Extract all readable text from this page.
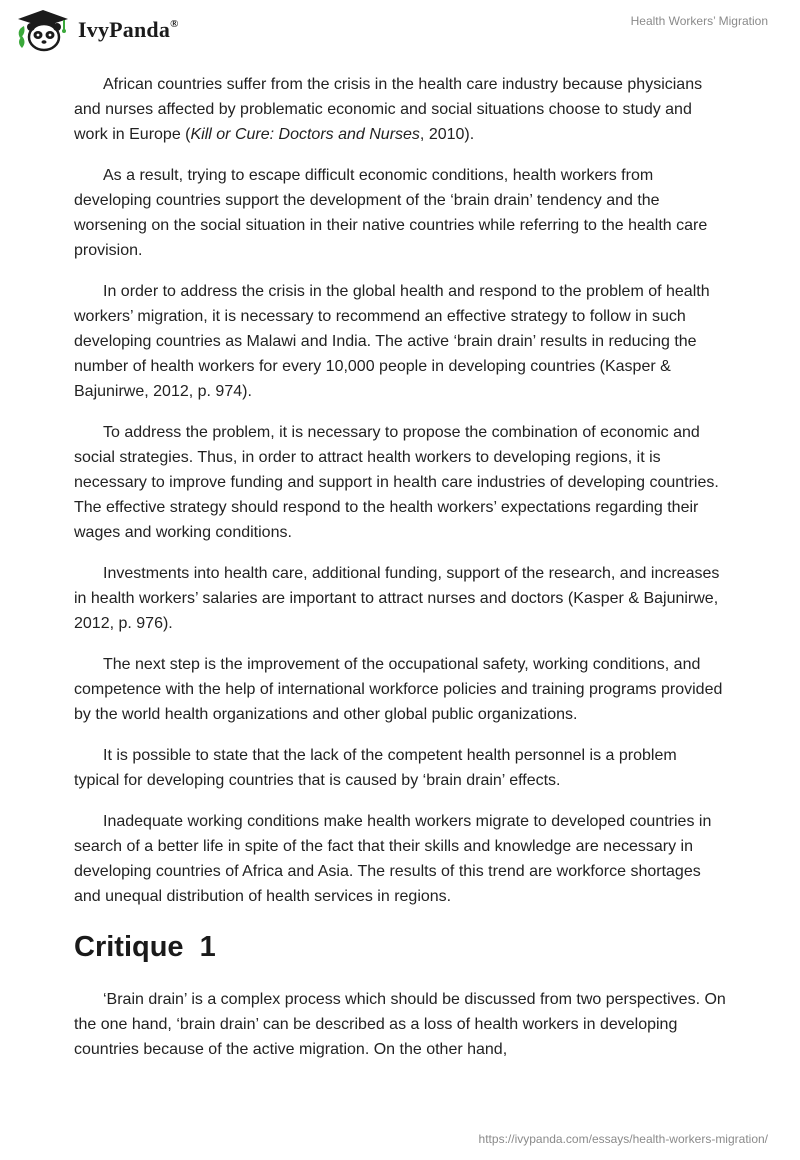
IvyPanda®	Health Workers’ Migration

African countries suffer from the crisis in the health care industry because physicians and nurses affected by problematic economic and social situations choose to study and work in Europe (Kill or Cure: Doctors and Nurses, 2010).

As a result, trying to escape difficult economic conditions, health workers from developing countries support the development of the ‘brain drain’ tendency and the worsening on the social situation in their native countries while referring to the health care provision.

In order to address the crisis in the global health and respond to the problem of health workers’ migration, it is necessary to recommend an effective strategy to follow in such developing countries as Malawi and India. The active ‘brain drain’ results in reducing the number of health workers for every 10,000 people in developing countries (Kasper & Bajunirwe, 2012, p. 974).

To address the problem, it is necessary to propose the combination of economic and social strategies. Thus, in order to attract health workers to developing regions, it is necessary to improve funding and support in health care industries of developing countries. The effective strategy should respond to the health workers’ expectations regarding their wages and working conditions.

Investments into health care, additional funding, support of the research, and increases in health workers’ salaries are important to attract nurses and doctors (Kasper & Bajunirwe, 2012, p. 976).

The next step is the improvement of the occupational safety, working conditions, and competence with the help of international workforce policies and training programs provided by the world health organizations and other global public organizations.

It is possible to state that the lack of the competent health personnel is a problem typical for developing countries that is caused by ‘brain drain’ effects.

Inadequate working conditions make health workers migrate to developed countries in search of a better life in spite of the fact that their skills and knowledge are necessary in developing countries of Africa and Asia. The results of this trend are workforce shortages and unequal distribution of health services in regions.

Critique  1

‘Brain drain’ is a complex process which should be discussed from two perspectives. On the one hand, ‘brain drain’ can be described as a loss of health workers in developing countries because of the active migration. On the other hand,

https://ivypanda.com/essays/health-workers-migration/
